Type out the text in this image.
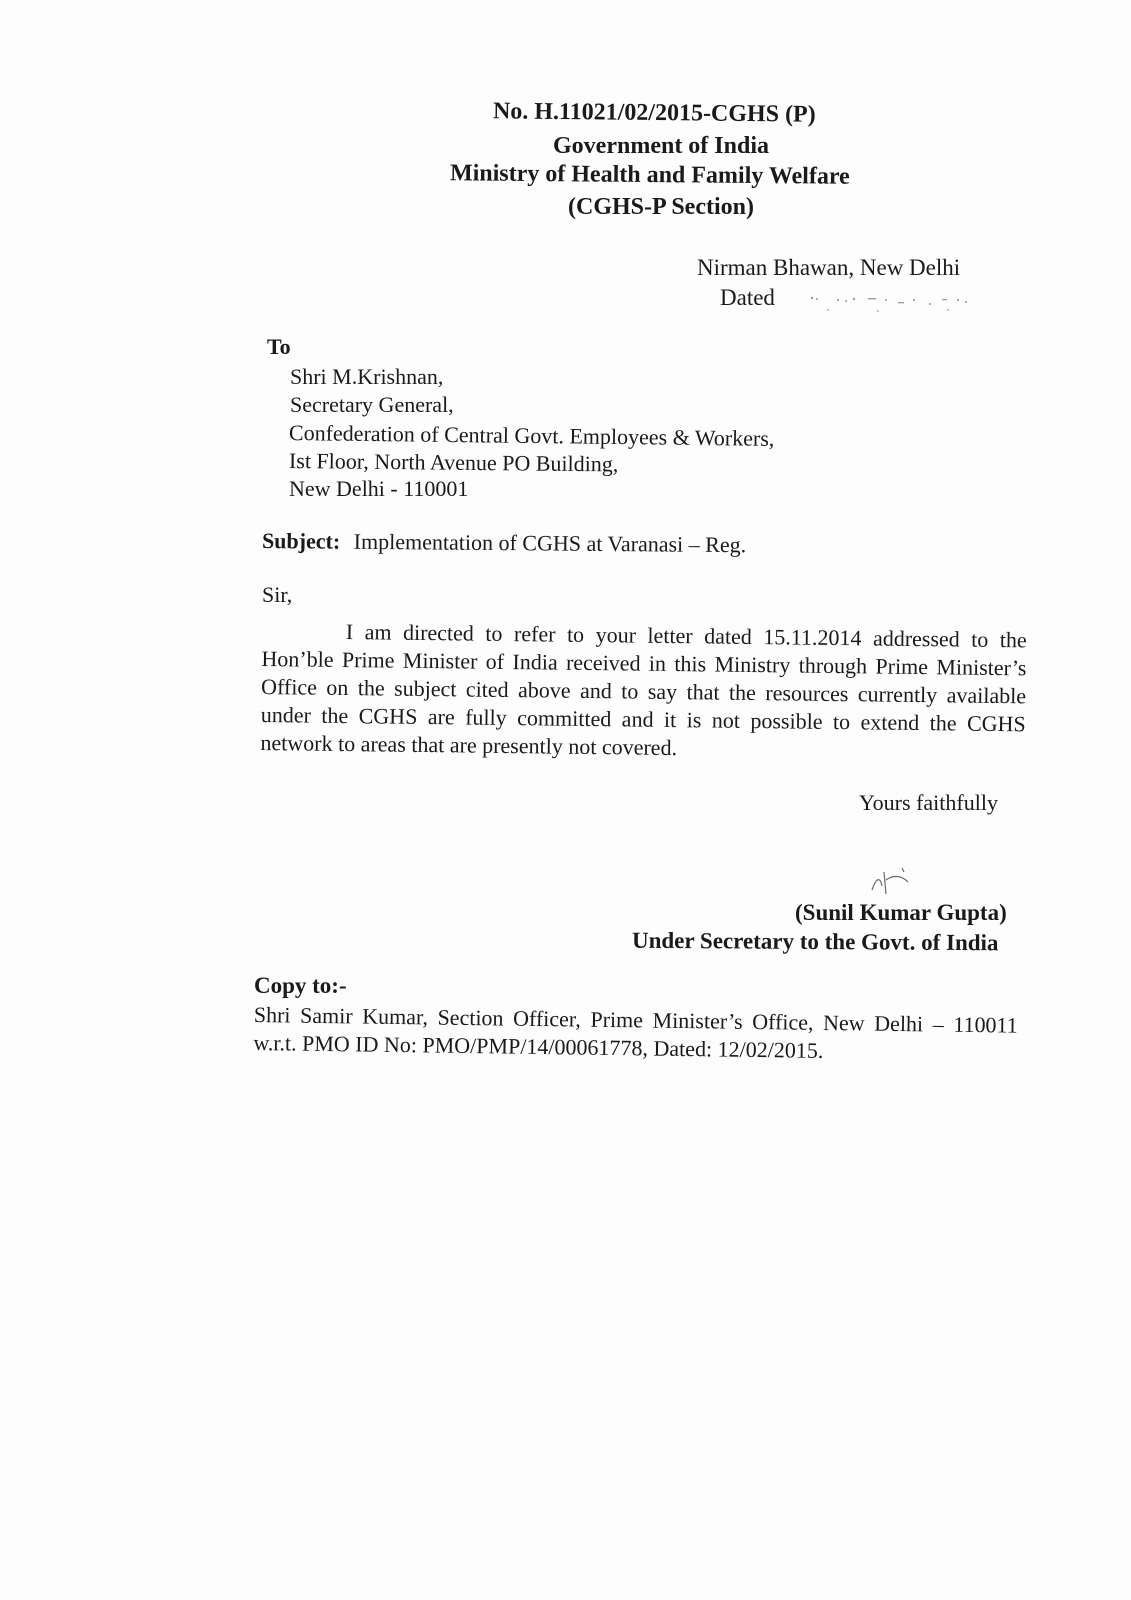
No. H.11021/02/2015-CGHS (P)
Government of India
Ministry of Health and Family Welfare
(CGHS-P Section)
Nirman Bhawan, New Delhi
Dated
To
Shri M.Krishnan,
Secretary General,
Confederation of Central Govt. Employees & Workers,
Ist Floor, North Avenue PO Building,
New Delhi - 110001
Subject: Implementation of CGHS at Varanasi – Reg.
Sir,

I am directed to refer to your letter dated 15.11.2014 addressed to the Hon’ble Prime Minister of India received in this Ministry through Prime Minister’s Office on the subject cited above and to say that the resources currently available under the CGHS are fully committed and it is not possible to extend the CGHS network to areas that are presently not covered.

Yours faithfully
(Sunil Kumar Gupta)
Under Secretary to the Govt. of India
Copy to:-

Shri Samir Kumar, Section Officer, Prime Minister’s Office, New Delhi – 110011 w.r.t. PMO ID No: PMO/PMP/14/00061778, Dated: 12/02/2015.
